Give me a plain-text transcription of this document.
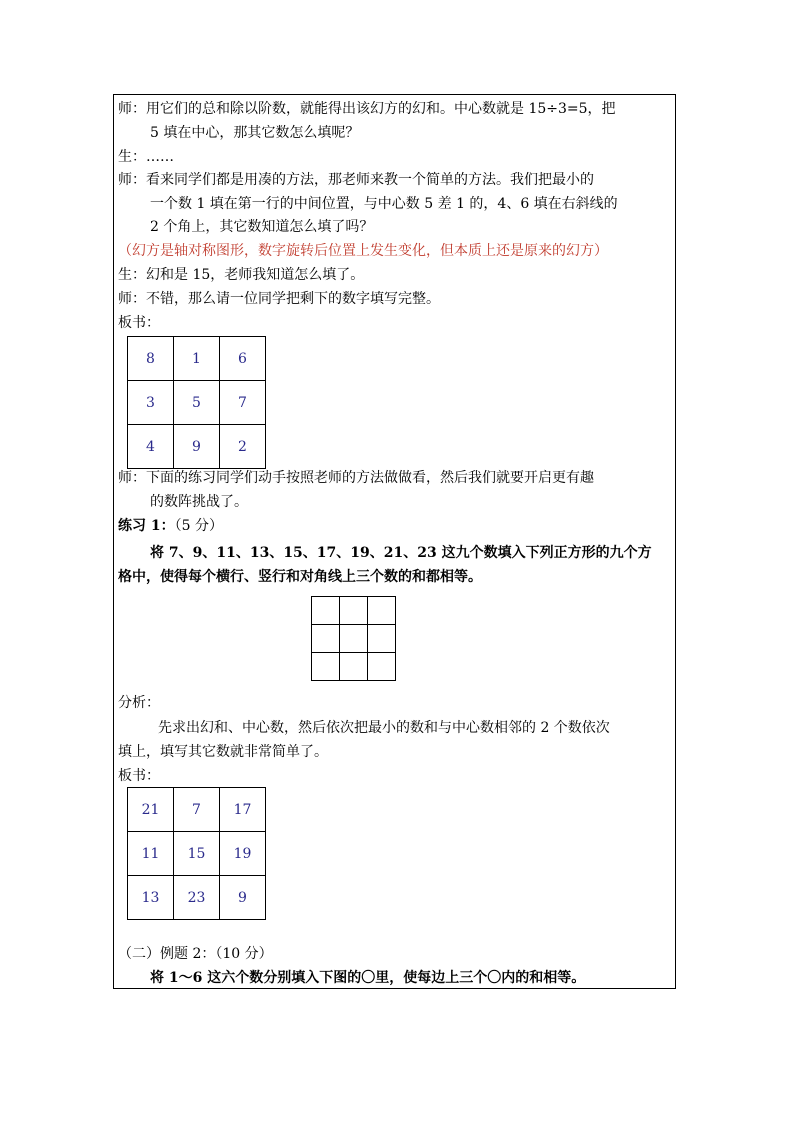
师：用它们的总和除以阶数，就能得出该幻方的幻和。中心数就是 15÷3=5，把
5 填在中心，那其它数怎么填呢？
生：……
师：看来同学们都是用凑的方法，那老师来教一个简单的方法。我们把最小的
一个数 1 填在第一行的中间位置，与中心数 5 差 1 的，4、6 填在右斜线的
2 个角上，其它数知道怎么填了吗？
（幻方是轴对称图形，数字旋转后位置上发生变化，但本质上还是原来的幻方）
生：幻和是 15，老师我知道怎么填了。
师：不错，那么请一位同学把剩下的数字填写完整。
板书：
8	1	6
3	5	7
4	9	2
师：下面的练习同学们动手按照老师的方法做做看，然后我们就要开启更有趣
的数阵挑战了。
练习 1：（5 分）
将 7、9、11、13、15、17、19、21、23 这九个数填入下列正方形的九个方
格中，使得每个横行、竖行和对角线上三个数的和都相等。

分析：
先求出幻和、中心数，然后依次把最小的数和与中心数相邻的 2 个数依次
填上，填写其它数就非常简单了。
板书：
21	7	17
11	15	19
13	23	9
（二）例题 2：（10 分）
将 1～6 这六个数分别填入下图的〇里，使每边上三个〇内的和相等。
